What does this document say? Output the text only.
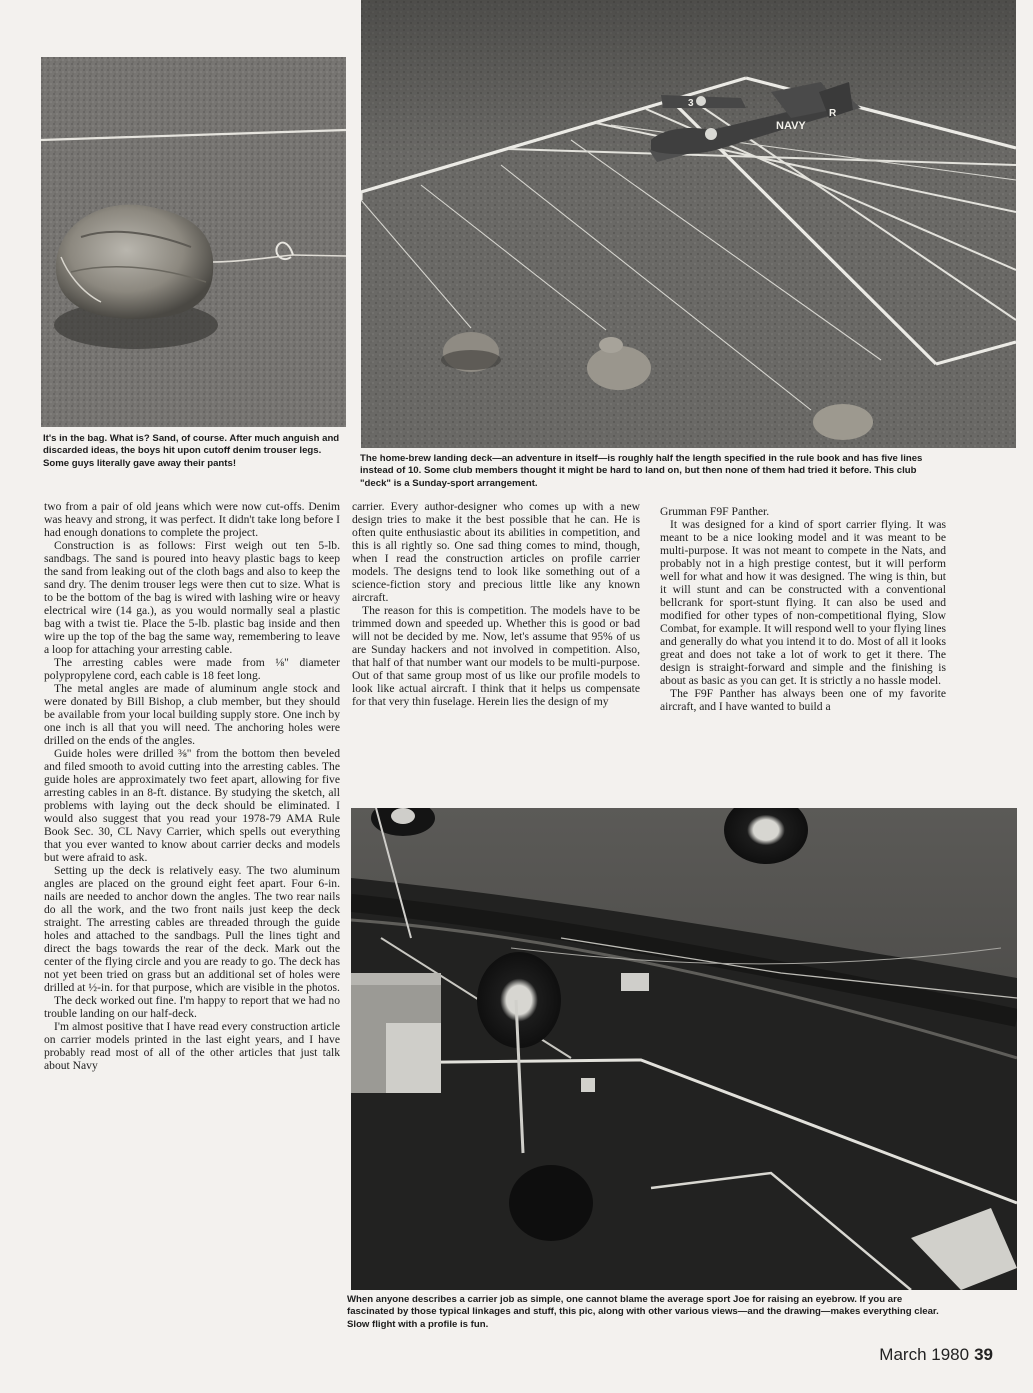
3
NAVY
R
It's in the bag. What is? Sand, of course. After much anguish and discarded ideas, the boys hit upon cutoff denim trouser legs. Some guys literally gave away their pants!	The home-brew landing deck—an adventure in itself—is roughly half the length specified in the rule book and has five lines instead of 10. Some club members thought it might be hard to land on, but then none of them had tried it before. This club "deck" is a Sunday-sport arrangement.

two from a pair of old jeans which were now cut-offs. Denim was heavy and strong, it was perfect. It didn't take long before I had enough donations to complete the project.

Construction is as follows: First weigh out ten 5-lb. sandbags. The sand is poured into heavy plastic bags to keep the sand from leaking out of the cloth bags and also to keep the sand dry. The denim trouser legs were then cut to size. What is to be the bottom of the bag is wired with lashing wire or heavy electrical wire (14 ga.), as you would normally seal a plastic bag with a twist tie. Place the 5-lb. plastic bag inside and then wire up the top of the bag the same way, remembering to leave a loop for attaching your arresting cable.

The arresting cables were made from ⅛" diameter polypropylene cord, each cable is 18 feet long.

The metal angles are made of aluminum angle stock and were donated by Bill Bishop, a club member, but they should be available from your local building supply store. One inch by one inch is all that you will need. The anchoring holes were drilled on the ends of the angles.

Guide holes were drilled ⅜" from the bottom then beveled and filed smooth to avoid cutting into the arresting cables. The guide holes are approximately two feet apart, allowing for five arresting cables in an 8-ft. distance. By studying the sketch, all problems with laying out the deck should be eliminated. I would also suggest that you read your 1978-79 AMA Rule Book Sec. 30, CL Navy Carrier, which spells out everything that you ever wanted to know about carrier decks and models but were afraid to ask.

Setting up the deck is relatively easy. The two aluminum angles are placed on the ground eight feet apart. Four 6-in. nails are needed to anchor down the angles. The two rear nails do all the work, and the two front nails just keep the deck straight. The arresting cables are threaded through the guide holes and attached to the sandbags. Pull the lines tight and direct the bags towards the rear of the deck. Mark out the center of the flying circle and you are ready to go. The deck has not yet been tried on grass but an additional set of holes were drilled at ½-in. for that purpose, which are visible in the photos.

The deck worked out fine. I'm happy to report that we had no trouble landing on our half-deck.

I'm almost positive that I have read every construction article on carrier models printed in the last eight years, and I have probably read most of all of the other articles that just talk about Navy

carrier. Every author-designer who comes up with a new design tries to make it the best possible that he can. He is often quite enthusiastic about its abilities in competition, and this is all rightly so. One sad thing comes to mind, though, when I read the construction articles on profile carrier models. The designs tend to look like something out of a science-fiction story and precious little like any known aircraft.

The reason for this is competition. The models have to be trimmed down and speeded up. Whether this is good or bad will not be decided by me. Now, let's assume that 95% of us are Sunday hackers and not involved in competition. Also, that half of that number want our models to be multi-purpose. Out of that same group most of us like our profile models to look like actual aircraft. I think that it helps us compensate for that very thin fuselage. Herein lies the design of my

Grumman F9F Panther.

It was designed for a kind of sport carrier flying. It was meant to be a nice looking model and it was meant to be multi-purpose. It was not meant to compete in the Nats, and probably not in a high prestige contest, but it will perform well for what and how it was designed. The wing is thin, but it will stunt and can be constructed with a conventional bellcrank for sport-stunt flying. It can also be used and modified for other types of non-competitional flying, Slow Combat, for example. It will respond well to your flying lines and generally do what you intend it to do. Most of all it looks great and does not take a lot of work to get it there. The design is straight-forward and simple and the finishing is about as basic as you can get. It is strictly a no hassle model.

The F9F Panther has always been one of my favorite aircraft, and I have wanted to build a

When anyone describes a carrier job as simple, one cannot blame the average sport Joe for raising an eyebrow. If you are fascinated by those typical linkages and stuff, this pic, along with other various views—and the drawing—makes everything clear. Slow flight with a profile is fun.
March 1980 39
